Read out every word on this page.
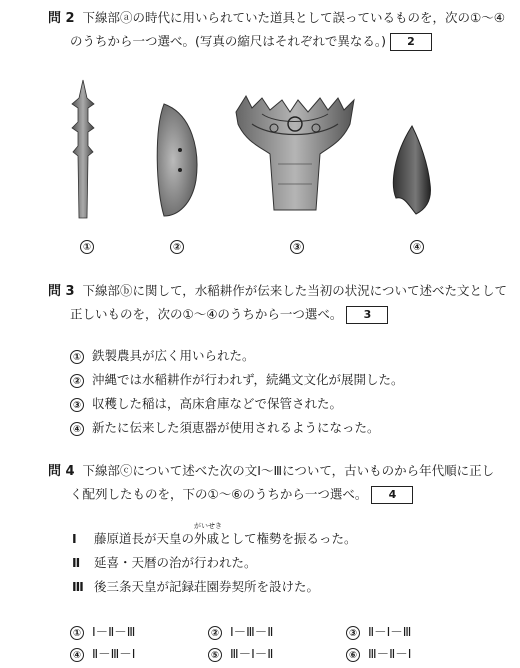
問 2 下線部ⓐの時代に用いられていた道具として誤っているものを，次の①〜④
のうちから一つ選べ。(写真の縮尺はそれぞれで異なる。) 2
①	②	③	④
問 3 下線部ⓑに関して，水稲耕作が伝来した当初の状況について述べた文として
正しいものを，次の①〜④のうちから一つ選べ。 3
① 鉄製農具が広く用いられた。
② 沖縄では水稲耕作が行われず，続縄文文化が展開した。
③ 収穫した稲は，高床倉庫などで保管された。
④ 新たに伝来した須恵器が使用されるようになった。
問 4 下線部ⓒについて述べた次の文Ⅰ〜Ⅲについて，古いものから年代順に正し
く配列したものを，下の①〜⑥のうちから一つ選べ。 4
Ⅰ 藤原道長が天皇の外戚
がいせき
として権勢を振るった。
Ⅱ 延喜・天暦の治が行われた。
Ⅲ 後三条天皇が記録荘園券契所を設けた。
① Ⅰ－Ⅱ－Ⅲ	② Ⅰ－Ⅲ－Ⅱ	③ Ⅱ－Ⅰ－Ⅲ
④ Ⅱ－Ⅲ－Ⅰ	⑤ Ⅲ－Ⅰ－Ⅱ	⑥ Ⅲ－Ⅱ－Ⅰ
